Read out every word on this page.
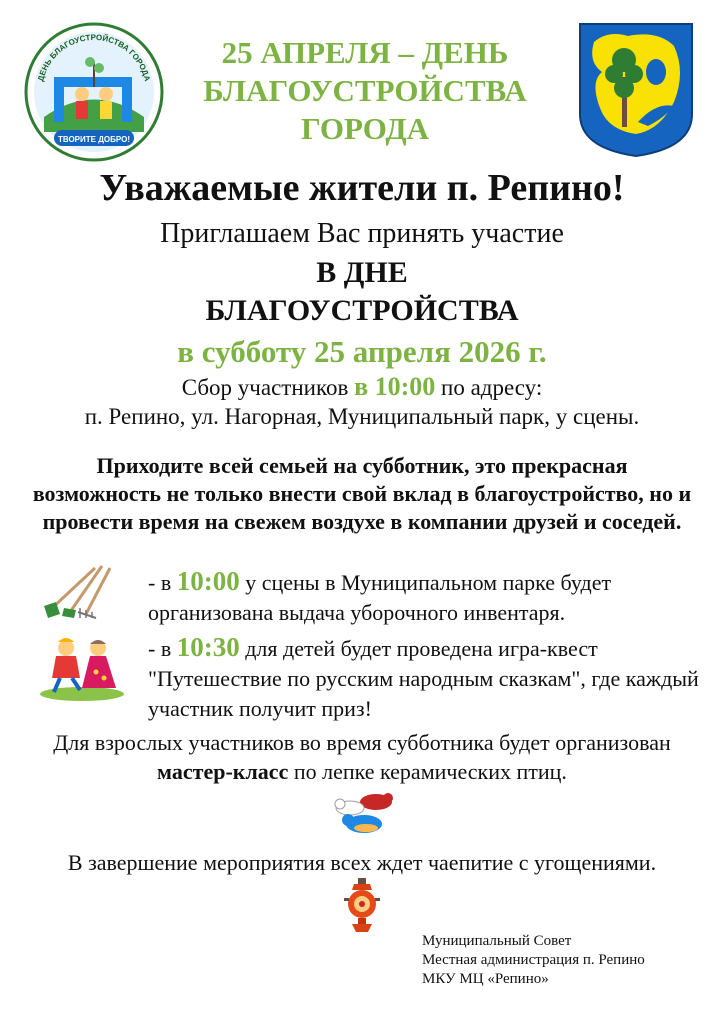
ДЕНЬ БЛАГОУСТРОЙСТВА ГОРОДА
ТВОРИТЕ ДОБРО!
25 АПРЕЛЯ – ДЕНЬ
БЛАГОУСТРОЙСТВА
ГОРОДА
Уважаемые жители п. Репино!
Приглашаем Вас принять участие
В ДНЕ
БЛАГОУСТРОЙСТВА
в субботу 25 апреля 2026 г.
Сбор участников в 10:00 по адресу:
п. Репино, ул. Нагорная, Муниципальный парк, у сцены.
Приходите всей семьей на субботник, это прекрасная возможность не только внести свой вклад в благоустройство, но и провести время на свежем воздухе в компании друзей и соседей.
- в 10:00 у сцены в Муниципальном парке будет организована выдача уборочного инвентаря.
- в 10:30 для детей будет проведена игра-квест "Путешествие по русским народным сказкам", где каждый участник получит приз!
Для взрослых участников во время субботника будет организован мастер-класс по лепке керамических птиц.
В завершение мероприятия всех ждет чаепитие с угощениями.
Муниципальный Совет
Местная администрация п. Репино
МКУ МЦ «Репино»
